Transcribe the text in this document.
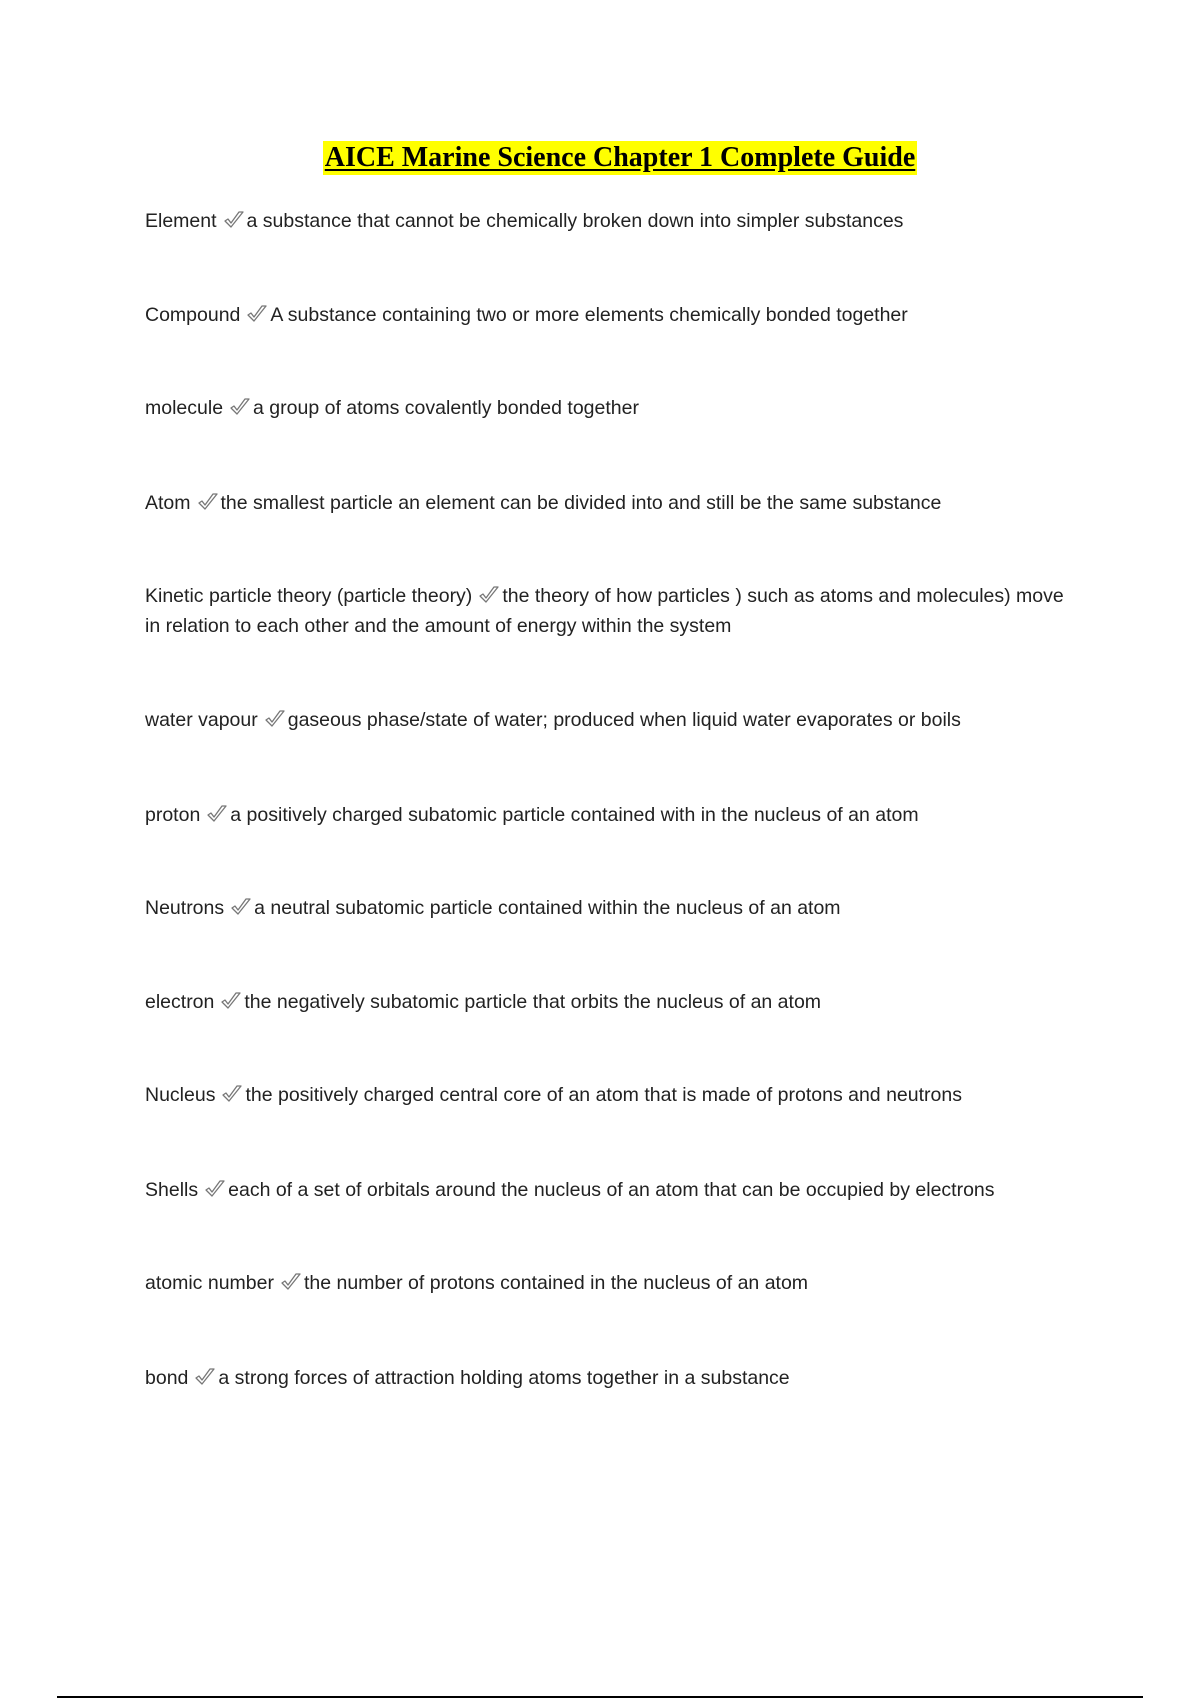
AICE Marine Science Chapter 1 Complete Guide
Element a substance that cannot be chemically broken down into simpler substances
Compound A substance containing two or more elements chemically bonded together
molecule a group of atoms covalently bonded together
Atom the smallest particle an element can be divided into and still be the same substance
Kinetic particle theory (particle theory) the theory of how particles ) such as atoms and molecules) move in relation to each other and the amount of energy within the system
water vapour gaseous phase/state of water; produced when liquid water evaporates or boils
proton a positively charged subatomic particle contained with in the nucleus of an atom
Neutrons a neutral subatomic particle contained within the nucleus of an atom
electron the negatively subatomic particle that orbits the nucleus of an atom
Nucleus the positively charged central core of an atom that is made of protons and neutrons
Shells each of a set of orbitals around the nucleus of an atom that can be occupied by electrons
atomic number the number of protons contained in the nucleus of an atom
bond a strong forces of attraction holding atoms together in a substance
